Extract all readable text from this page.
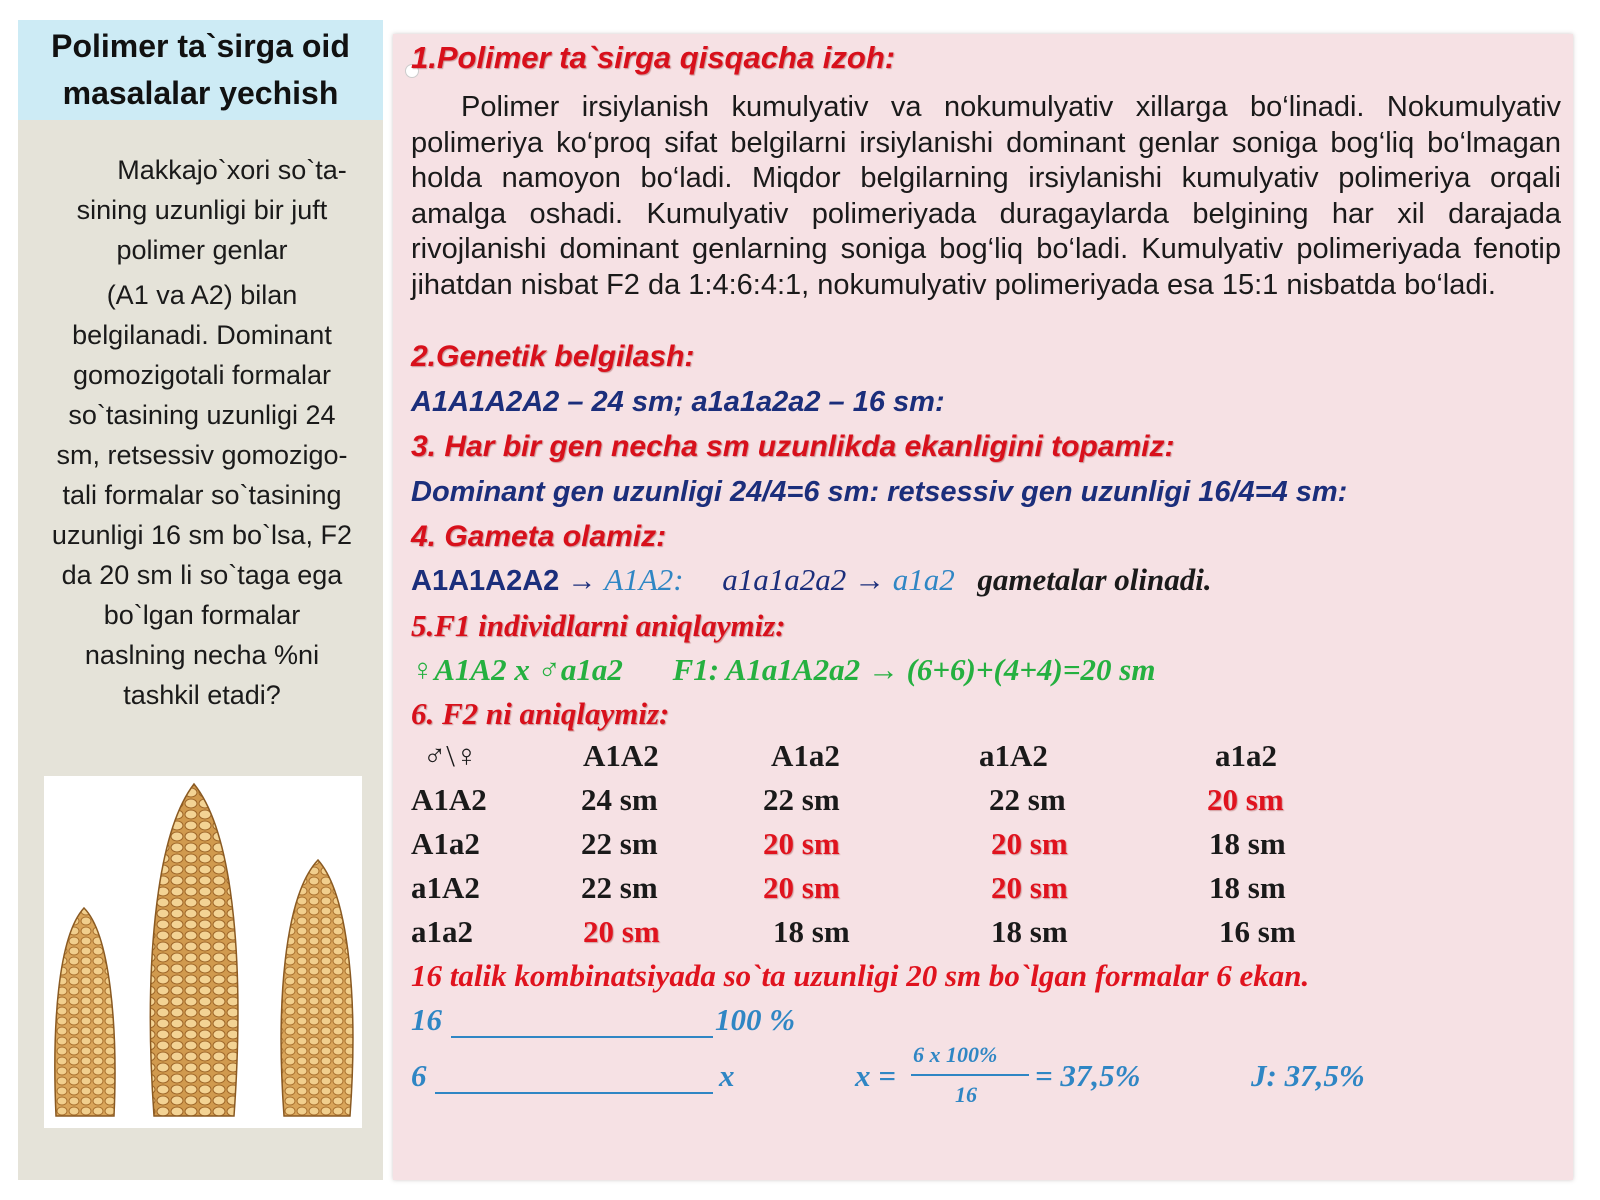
Polimer ta`sirga oid
masalalar yechish

Makkajo`xori so`ta-

sining uzunligi bir juft

polimer genlar

(A1 va A2) bilan

belgilanadi. Dominant

gomozigotali formalar

so`tasining uzunligi 24

sm, retsessiv gomozigo-

tali formalar so`tasining

uzunligi 16 sm bo`lsa, F2

da 20 sm li so`taga ega

bo`lgan formalar

naslning necha %ni

tashkil etadi?

1.Polimer ta`sirga qisqacha izoh:
Polimer irsiylanish kumulyativ va nokumulyativ xillarga bo‘linadi. Nokumulyativ polimeriya ko‘proq sifat belgilarni irsiylanishi dominant genlar soniga bog‘liq bo‘lmagan holda namoyon bo‘ladi. Miqdor belgilarning irsiylanishi kumulyativ polimeriya orqali amalga oshadi. Kumulyativ polimeriyada duragaylarda belgining har xil darajada rivojlanishi dominant genlarning soniga bog‘liq bo‘ladi. Kumulyativ polimeriyada fenotip jihatdan nisbat F2 da 1:4:6:4:1, nokumulyativ polimeriyada esa 15:1 nisbatda bo‘ladi.
2.Genetik belgilash:
A1A1A2A2 – 24 sm; a1a1a2a2 – 16 sm:
3. Har bir gen necha sm uzunlikda ekanligini topamiz:
Dominant gen uzunligi 24/4=6 sm: retsessiv gen uzunligi 16/4=4 sm:
4. Gameta olamiz:
A1A1A2A2 → A1A2: a1a1a2a2 → a1a2 gametalar olinadi.
5.F1 individlarni aniqlaymiz:
♀A1A2 x ♂a1a2 F1: A1a1A2a2 → (6+6)+(4+4)=20 sm
6. F2 ni aniqlaymiz:
♂\♀	A1A2	A1a2	a1A2	a1a2
A1A2	24 sm	22 sm	22 sm	20 sm
A1a2	22 sm	20 sm	20 sm	18 sm
a1A2	22 sm	20 sm	20 sm	18 sm
a1a2	20 sm	18 sm	18 sm	16 sm
16 talik kombinatsiyada so`ta uzunligi 20 sm bo`lgan formalar 6 ekan.
16	100 %
6	x	x =
6 x 100%
16
= 37,5%	J: 37,5%
